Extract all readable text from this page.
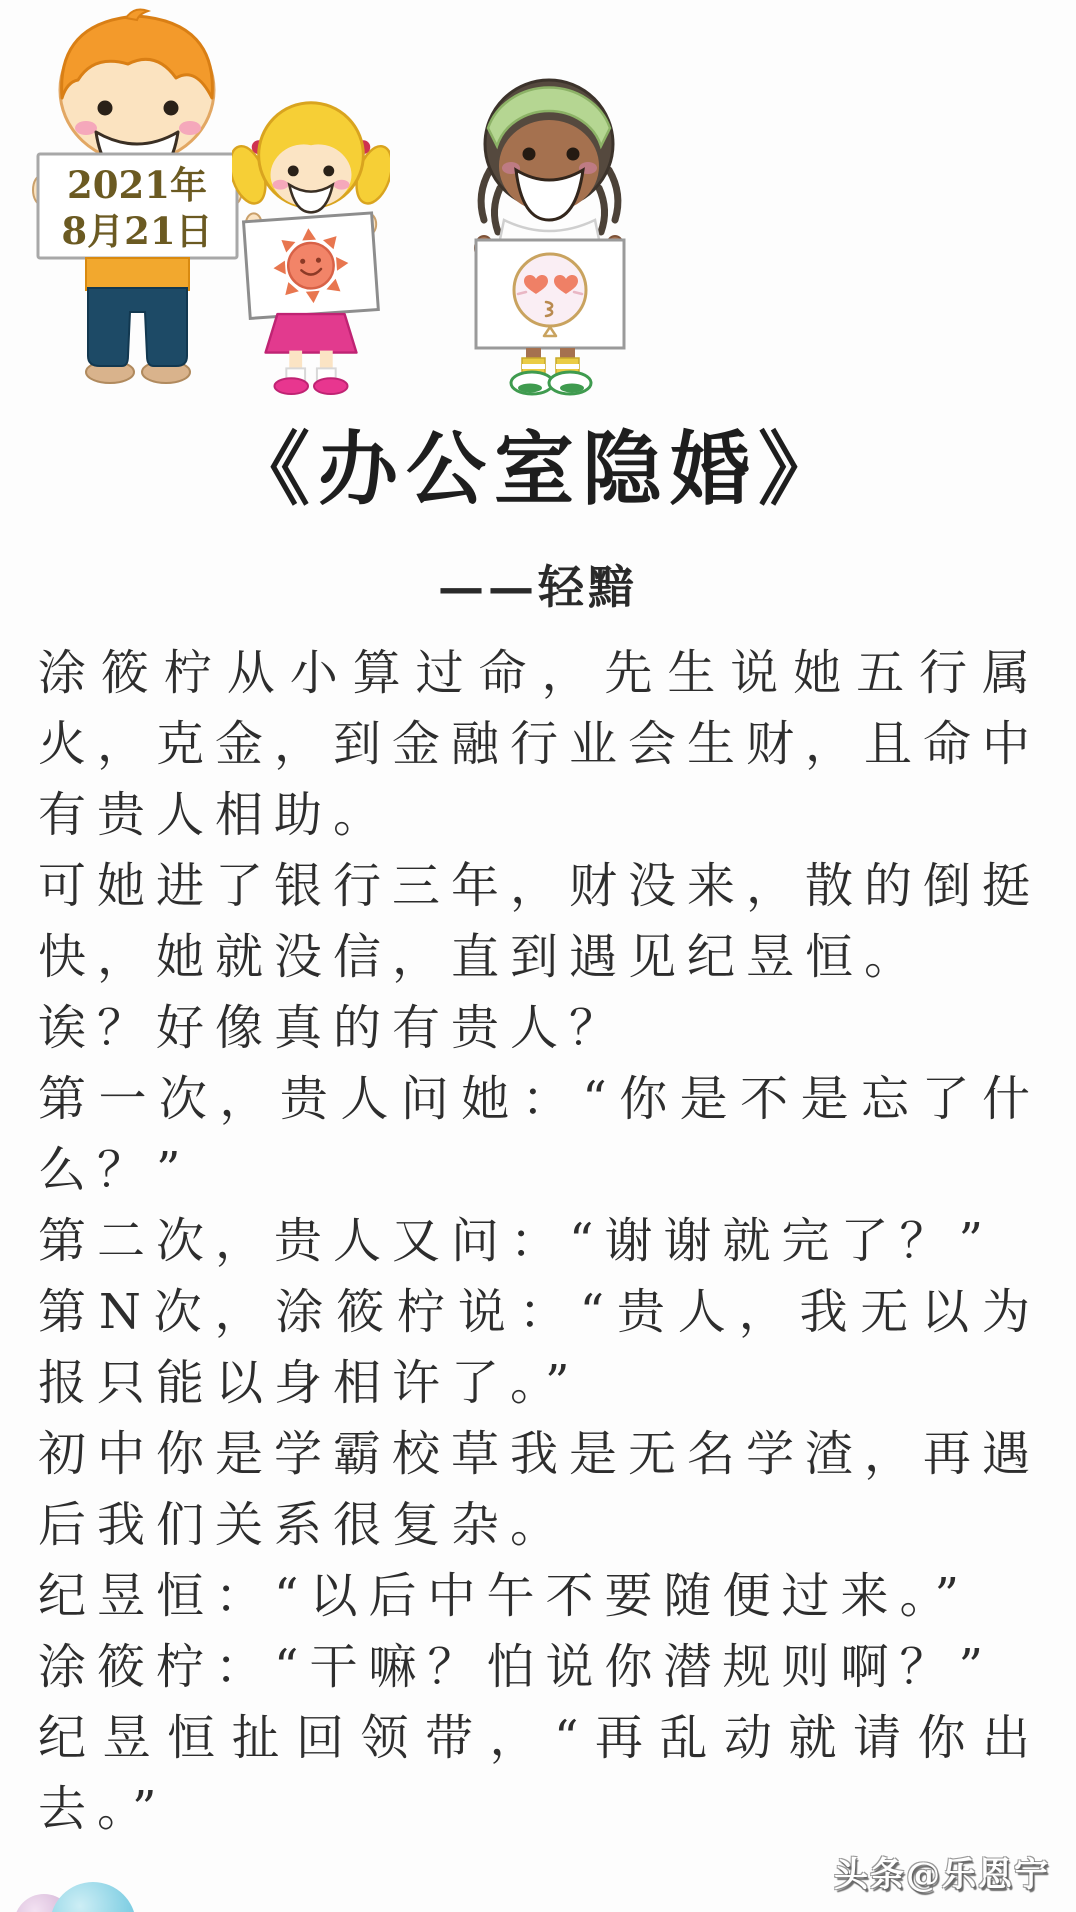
2021年
8月21日
《办公室隐婚》
——轻黯

涂筱柠从小算过命，先生说她五行属火，克金，到金融行业会生财，且命中有贵人相助。

可她进了银行三年，财没来，散的倒挺快，她就没信，直到遇见纪昱恒。

诶？好像真的有贵人？

第一次，贵人问她：“你是不是忘了什么？”

第二次，贵人又问：“谢谢就完了？”

第N次，涂筱柠说：“贵人，我无以为报只能以身相许了。”

初中你是学霸校草我是无名学渣，再遇后我们关系很复杂。

纪昱恒：“以后中午不要随便过来。”

涂筱柠：“干嘛？怕说你潜规则啊？”

纪昱恒扯回领带，“再乱动就请你出去。”

头条@乐恩宁
